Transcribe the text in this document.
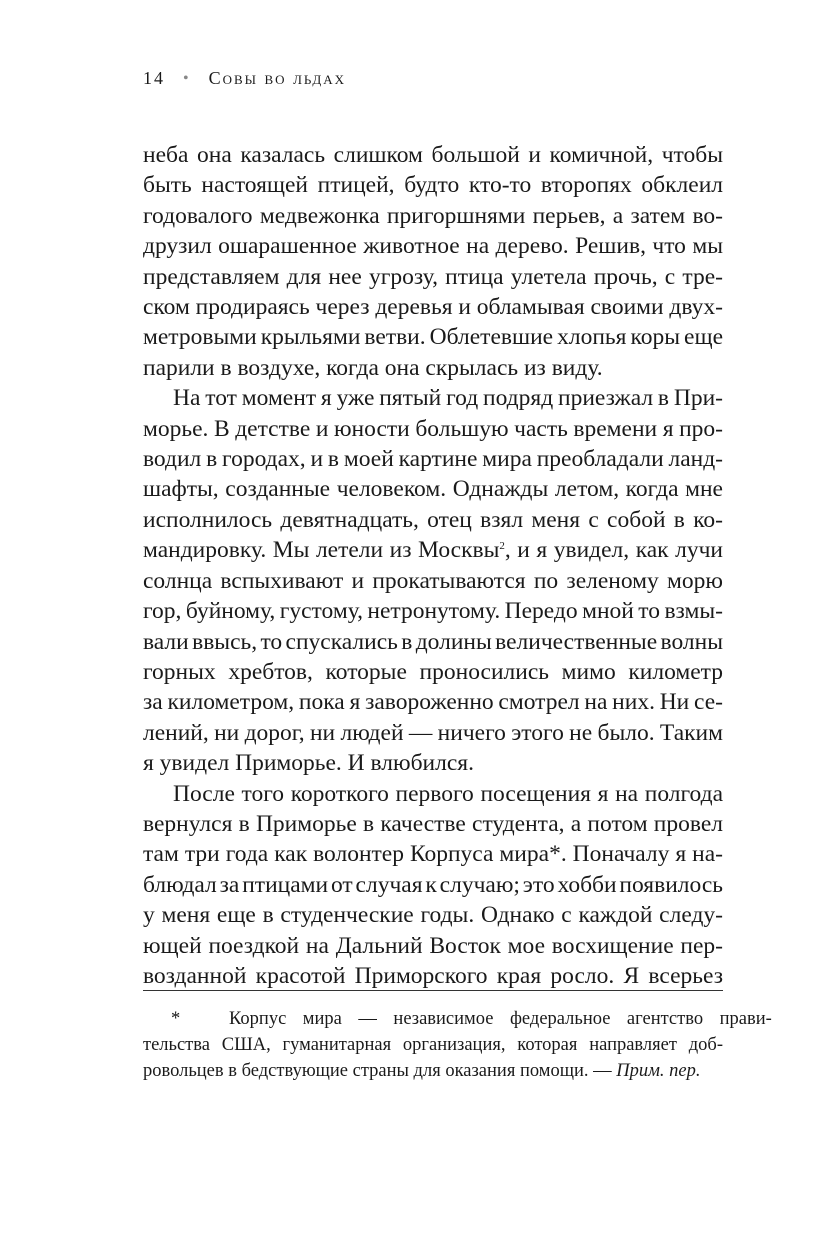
14 • Совы во льдах

неба она казалась слишком большой и комичной, чтобы
быть настоящей птицей, будто кто-то второпях обклеил
годовалого медвежонка пригоршнями перьев, а затем во-
друзил ошарашенное животное на дерево. Решив, что мы
представляем для нее угрозу, птица улетела прочь, с тре-
ском продираясь через деревья и обламывая своими двух-
метровыми крыльями ветви. Облетевшие хлопья коры еще
парили в воздухе, когда она скрылась из виду.

На тот момент я уже пятый год подряд приезжал в При-
морье. В детстве и юности большую часть времени я про-
водил в городах, и в моей картине мира преобладали ланд-
шафты, созданные человеком. Однажды летом, когда мне
исполнилось девятнадцать, отец взял меня с собой в ко-
мандировку. Мы летели из Москвы$^2$, и я увидел, как лучи
солнца вспыхивают и прокатываются по зеленому морю
гор, буйному, густому, нетронутому. Передо мной то взмы-
вали ввысь, то спускались в долины величественные волны
горных хребтов, которые проносились мимо километр
за километром, пока я завороженно смотрел на них. Ни се-
лений, ни дорог, ни людей — ничего этого не было. Таким
я увидел Приморье. И влюбился.

После того короткого первого посещения я на полгода
вернулся в Приморье в качестве студента, а потом провел
там три года как волонтер Корпуса мира*. Поначалу я на-
блюдал за птицами от случая к случаю; это хобби появилось
у меня еще в студенческие годы. Однако с каждой следу-
ющей поездкой на Дальний Восток мое восхищение пер-
возданной красотой Приморского края росло. Я всерьез

*	Корпус мира — независимое федеральное агентство прави-
тельства США, гуманитарная организация, которая направляет доб-
ровольцев в бедствующие страны для оказания помощи. — Прим. пер.
